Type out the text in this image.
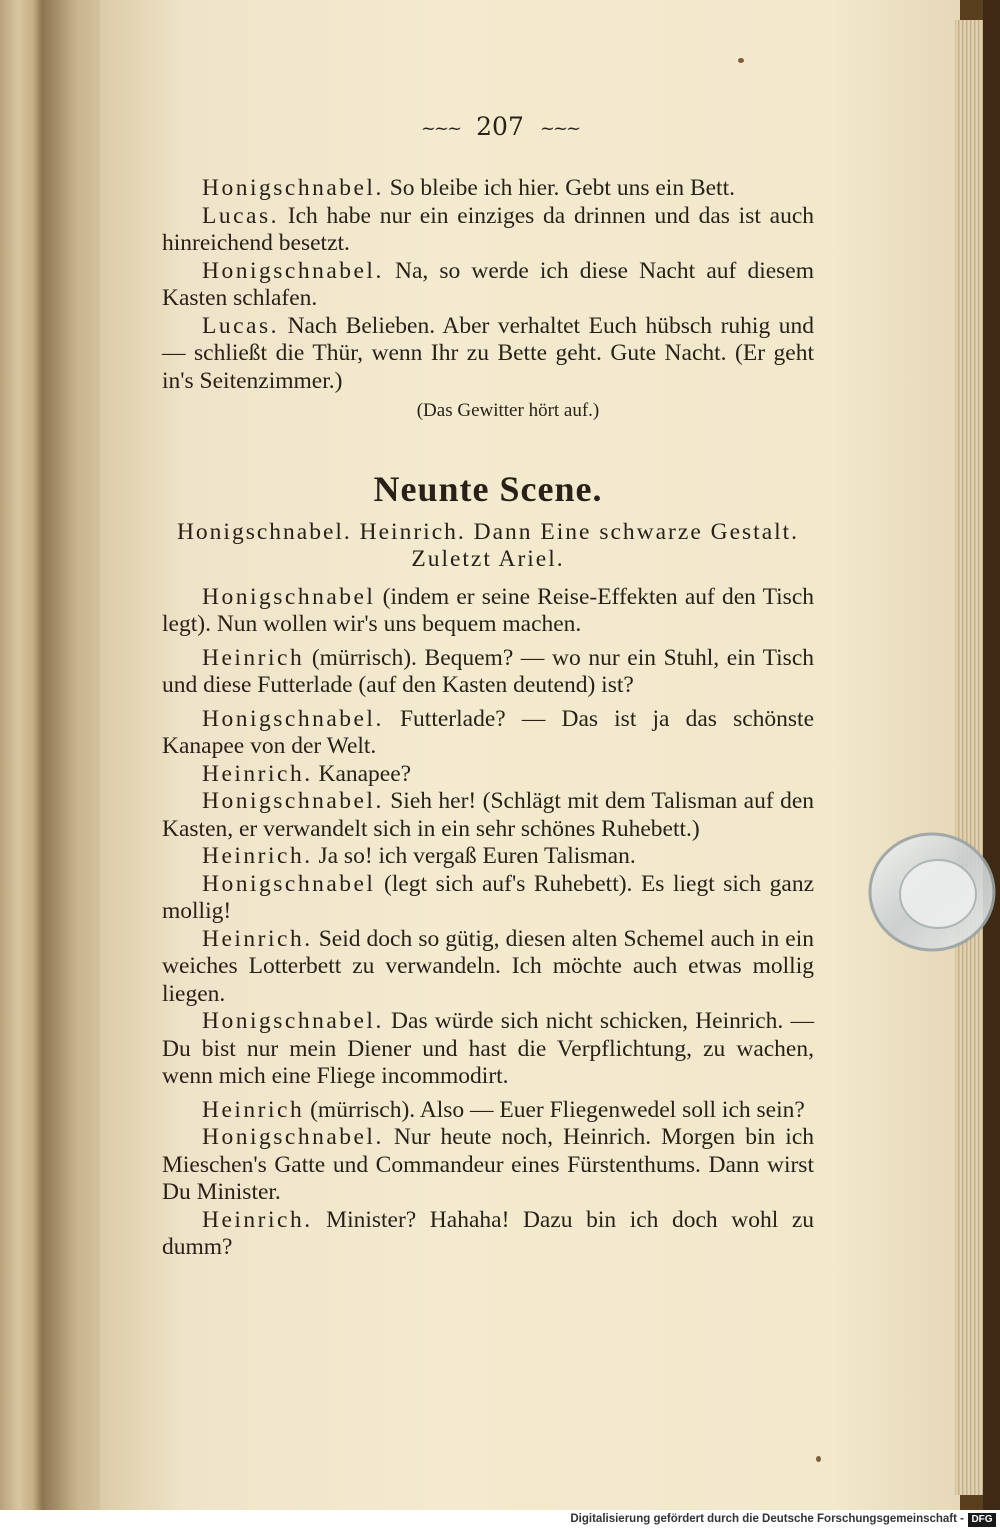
~~~ 207 ~~~

Honigschnabel. So bleibe ich hier. Gebt uns ein Bett.

Lucas. Ich habe nur ein einziges da drinnen und das ist auch hinreichend besetzt.

Honigschnabel. Na, so werde ich diese Nacht auf diesem Kasten schlafen.

Lucas. Nach Belieben. Aber verhaltet Euch hübsch ruhig und — schließt die Thür, wenn Ihr zu Bette geht. Gute Nacht. (Er geht in's Seitenzimmer.)

(Das Gewitter hört auf.)

Neunte Scene.
Honigschnabel. Heinrich. Dann Eine schwarze Gestalt. Zuletzt Ariel.

Honigschnabel (indem er seine Reise-Effekten auf den Tisch legt). Nun wollen wir's uns bequem machen.

Heinrich (mürrisch). Bequem? — wo nur ein Stuhl, ein Tisch und diese Futterlade (auf den Kasten deutend) ist?

Honigschnabel. Futterlade? — Das ist ja das schönste Kanapee von der Welt.

Heinrich. Kanapee?

Honigschnabel. Sieh her! (Schlägt mit dem Talisman auf den Kasten, er verwandelt sich in ein sehr schönes Ruhebett.)

Heinrich. Ja so! ich vergaß Euren Talisman.

Honigschnabel (legt sich auf's Ruhebett). Es liegt sich ganz mollig!

Heinrich. Seid doch so gütig, diesen alten Schemel auch in ein weiches Lotterbett zu verwandeln. Ich möchte auch etwas mollig liegen.

Honigschnabel. Das würde sich nicht schicken, Heinrich. — Du bist nur mein Diener und hast die Verpflichtung, zu wachen, wenn mich eine Fliege incommodirt.

Heinrich (mürrisch). Also — Euer Fliegenwedel soll ich sein?

Honigschnabel. Nur heute noch, Heinrich. Morgen bin ich Mieschen's Gatte und Commandeur eines Fürstenthums. Dann wirst Du Minister.

Heinrich. Minister? Hahaha! Dazu bin ich doch wohl zu dumm?

Digitalisierung gefördert durch die Deutsche Forschungsgemeinschaft - DFG
